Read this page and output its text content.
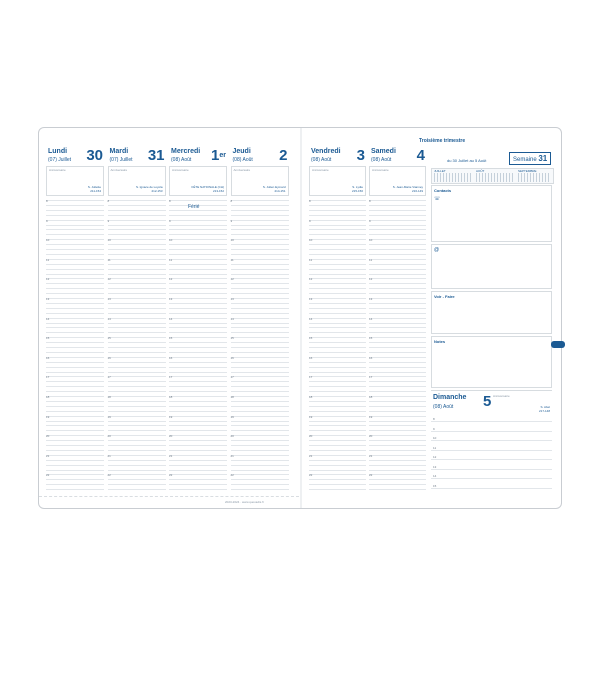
Lundi
(07) Juillet 30
Anniversaire
S. Juliette
211-154
8
9
10
11
12
13
14
15
16
17
18
19
20
21
22
Mardi
(07) Juillet 31
Anniversaire
S. Ignace de Loyola
212-153
8
9
10
11
12
13
14
15
16
17
18
19
20
21
22
Mercredi
(08) Août 1er
Anniversaire
FÊTE NATIONALE (CH)
213-152
8
9
10
11
12
13
14
15
16
17
18
19
20
21
22
Jeudi
(08) Août 2
Anniversaire
S. Julien Eymard
214-151
8
9
10
11
12
13
14
15
16
17
18
19
20
21
22
Férié
2023-2024 · www.quovadis.fr
Troisième trimestre
du 30 Juillet au 5 Août	Semaine 31
JUILLET	AOÛT	SEPTEMBRE
Contacts
☏
@
Voir - Faire
Notes
Dimanche
(08) Août 5 Anniversaire
S. Abel
217-148
8
9
10
11
12
13
14
15
Vendredi
(08) Août 3
Anniversaire
S. Lydie
215-150
8
9
10
11
12
13
14
15
16
17
18
19
20
21
22
Samedi
(08) Août 4
Anniversaire
S. Jean-Marie Vianney
216-149
8
9
10
11
12
13
14
15
16
17
18
19
20
21
22
